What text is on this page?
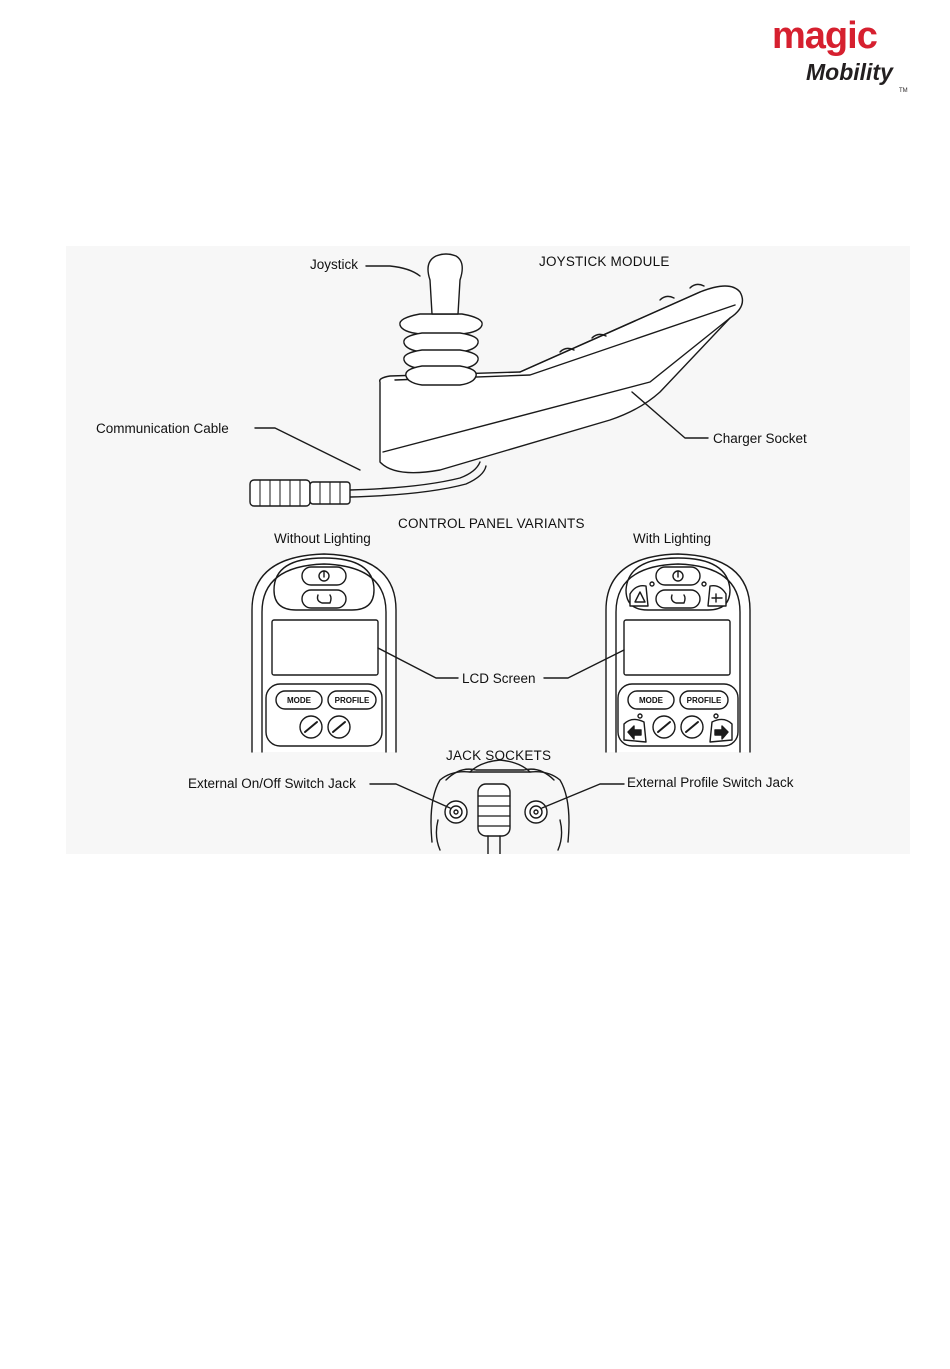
magic
Mobility
TM
Joystick	JOYSTICK MODULE
Communication Cable
Charger Socket
CONTROL PANEL VARIANTS
Without Lighting	With Lighting
LCD Screen
JACK SOCKETS
External On/Off Switch Jack	External Profile Switch Jack
MODE	PROFILE	MODE	PROFILE
